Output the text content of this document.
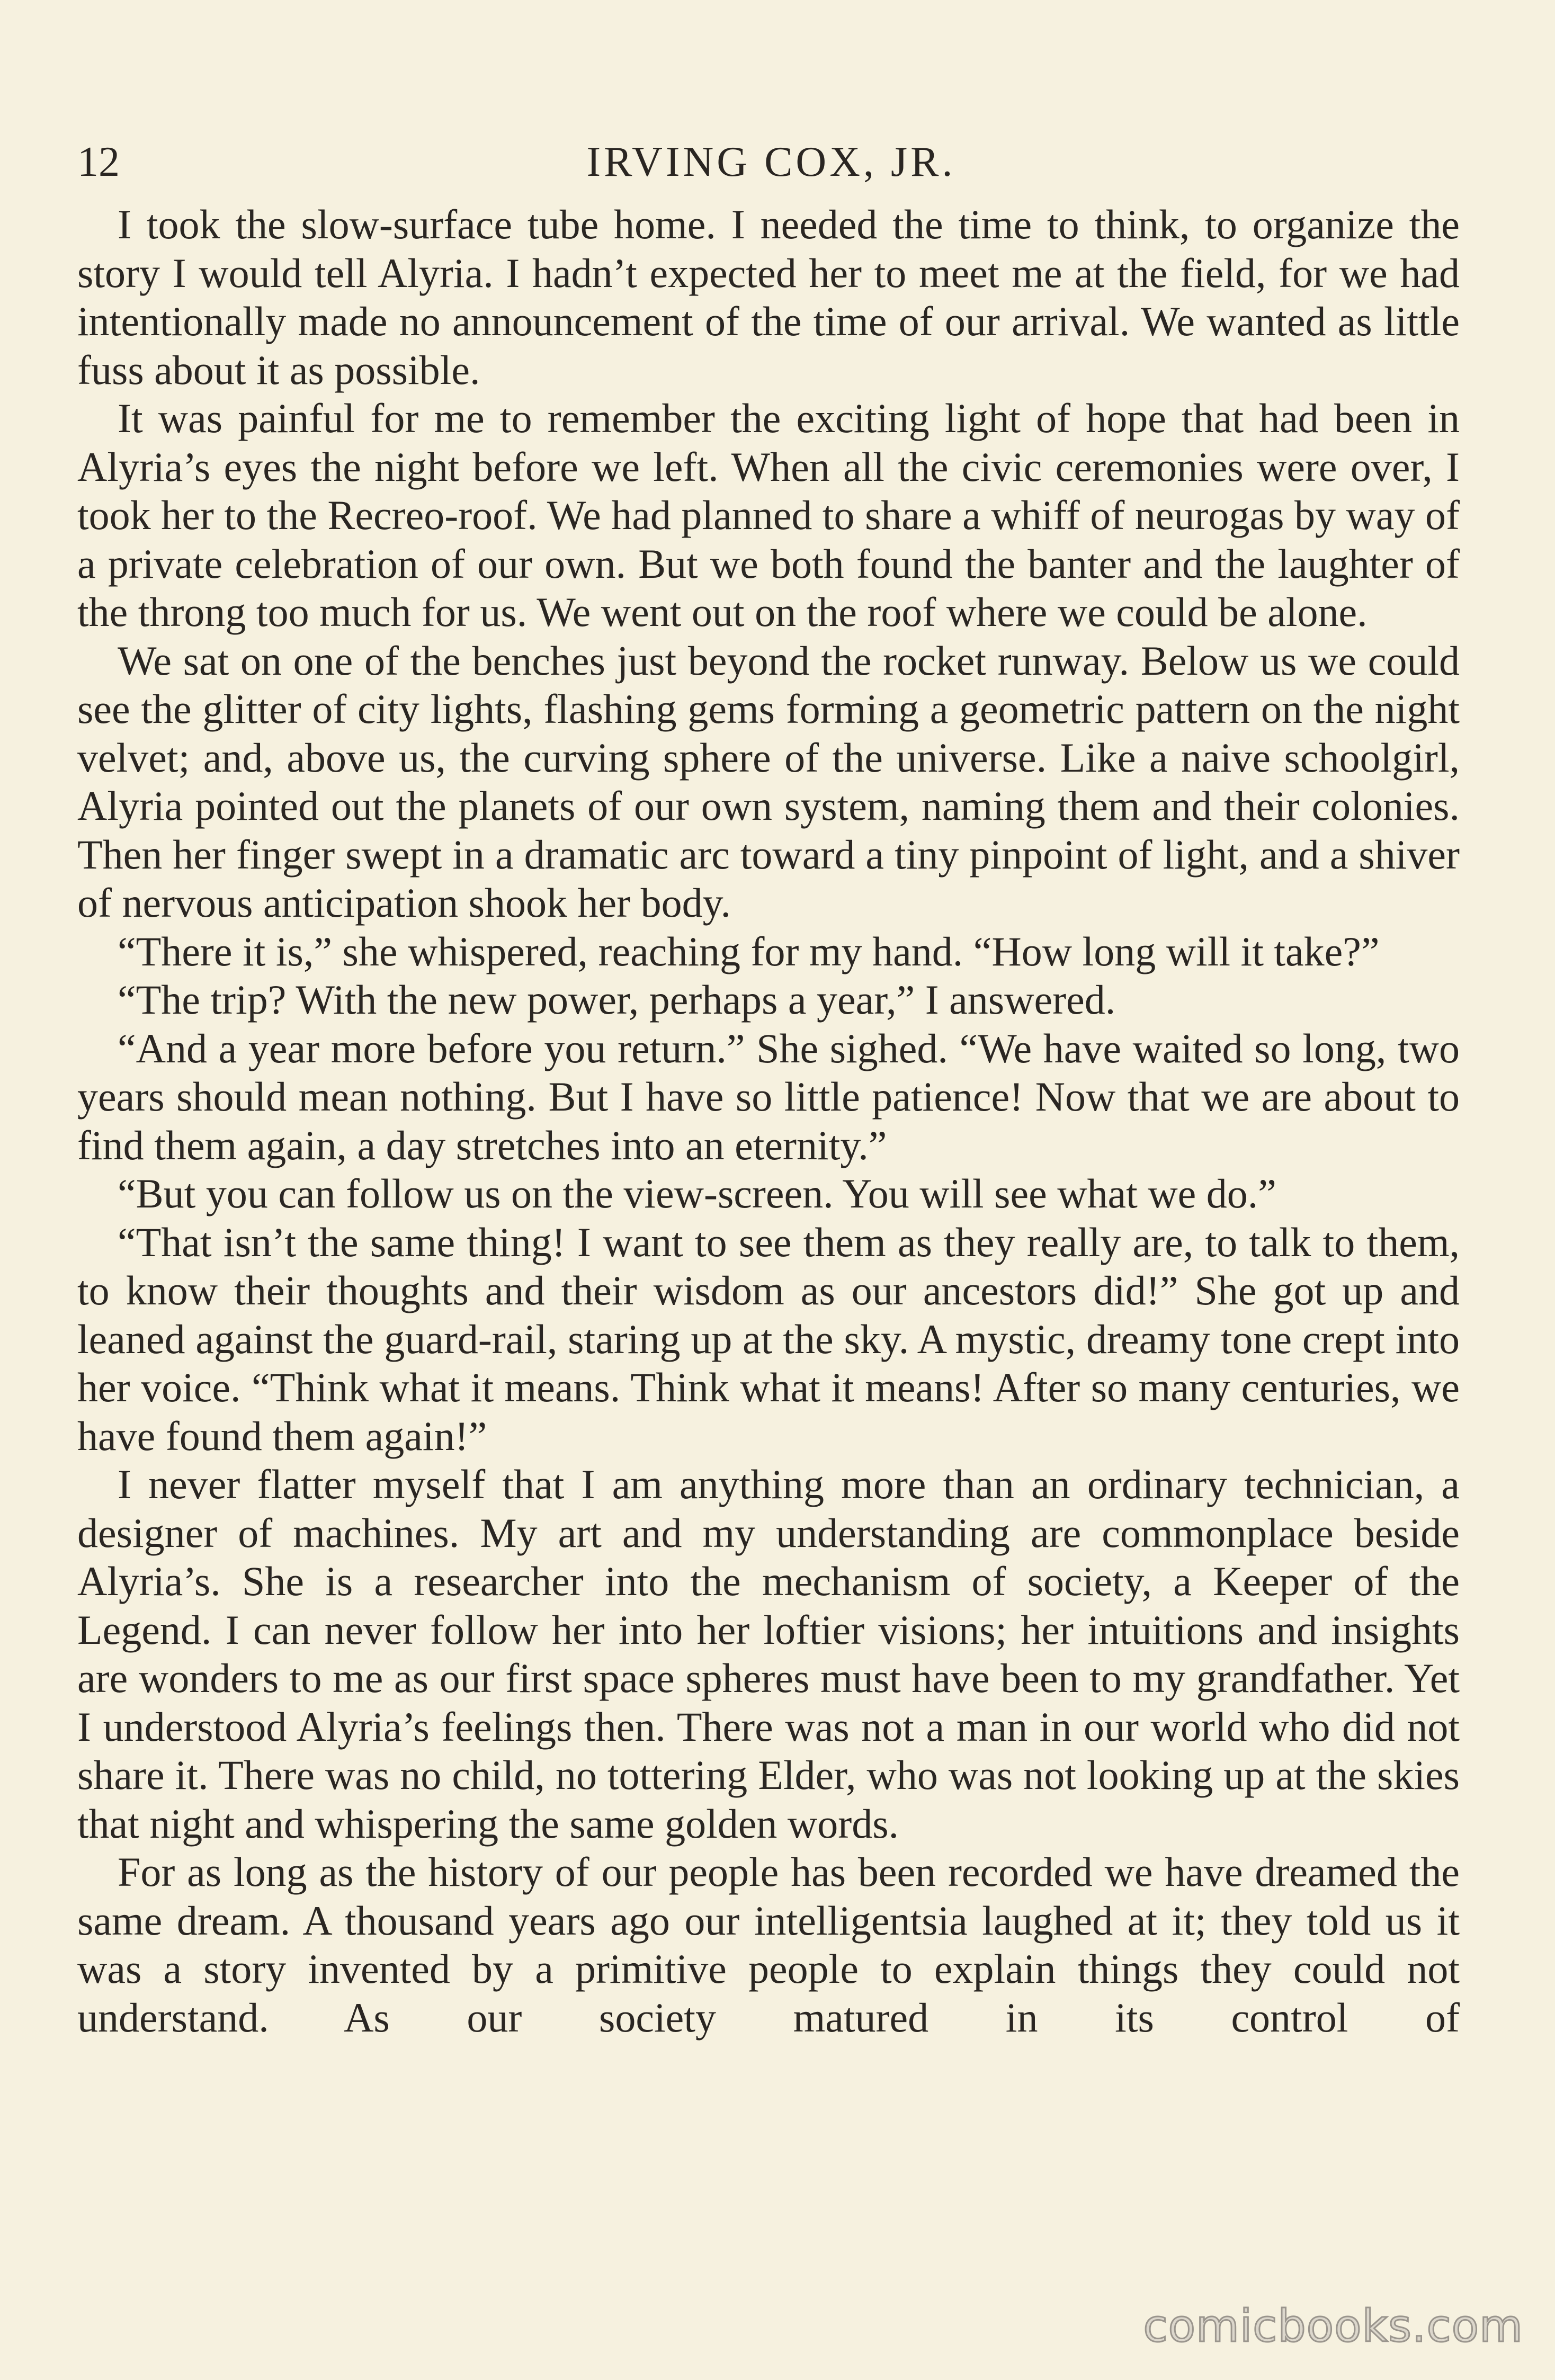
12	IRVING COX, JR.

I took the slow-surface tube home. I needed the time to think, to organize the story I would tell Alyria. I hadn’t expected her to meet me at the field, for we had intentionally made no announcement of the time of our arrival. We wanted as little fuss about it as possible.

It was painful for me to remember the exciting light of hope that had been in Alyria’s eyes the night before we left. When all the civic ceremonies were over, I took her to the Recreo-roof. We had planned to share a whiff of neurogas by way of a private celebration of our own. But we both found the banter and the laughter of the throng too much for us. We went out on the roof where we could be alone.

We sat on one of the benches just beyond the rocket runway. Below us we could see the glitter of city lights, flashing gems forming a geometric pattern on the night velvet; and, above us, the curving sphere of the universe. Like a naive schoolgirl, Alyria pointed out the planets of our own system, naming them and their colonies. Then her finger swept in a dramatic arc toward a tiny pinpoint of light, and a shiver of nervous anticipation shook her body.

“There it is,” she whispered, reaching for my hand. “How long will it take?”

“The trip? With the new power, perhaps a year,” I answered.

“And a year more before you return.” She sighed. “We have waited so long, two years should mean nothing. But I have so little patience! Now that we are about to find them again, a day stretches into an eternity.”

“But you can follow us on the view-screen. You will see what we do.”

“That isn’t the same thing! I want to see them as they really are, to talk to them, to know their thoughts and their wisdom as our ancestors did!” She got up and leaned against the guard-rail, staring up at the sky. A mystic, dreamy tone crept into her voice. “Think what it means. Think what it means! After so many centuries, we have found them again!”

I never flatter myself that I am anything more than an ordinary technician, a designer of machines. My art and my understanding are commonplace beside Alyria’s. She is a researcher into the mechanism of society, a Keeper of the Legend. I can never follow her into her loftier visions; her intuitions and insights are wonders to me as our first space spheres must have been to my grandfather. Yet I understood Alyria’s feelings then. There was not a man in our world who did not share it. There was no child, no tottering Elder, who was not looking up at the skies that night and whispering the same golden words.

For as long as the history of our people has been recorded we have dreamed the same dream. A thousand years ago our intelligentsia laughed at it; they told us it was a story invented by a primitive people to explain things they could not understand. As our society matured in its control of

comicbooks.com
